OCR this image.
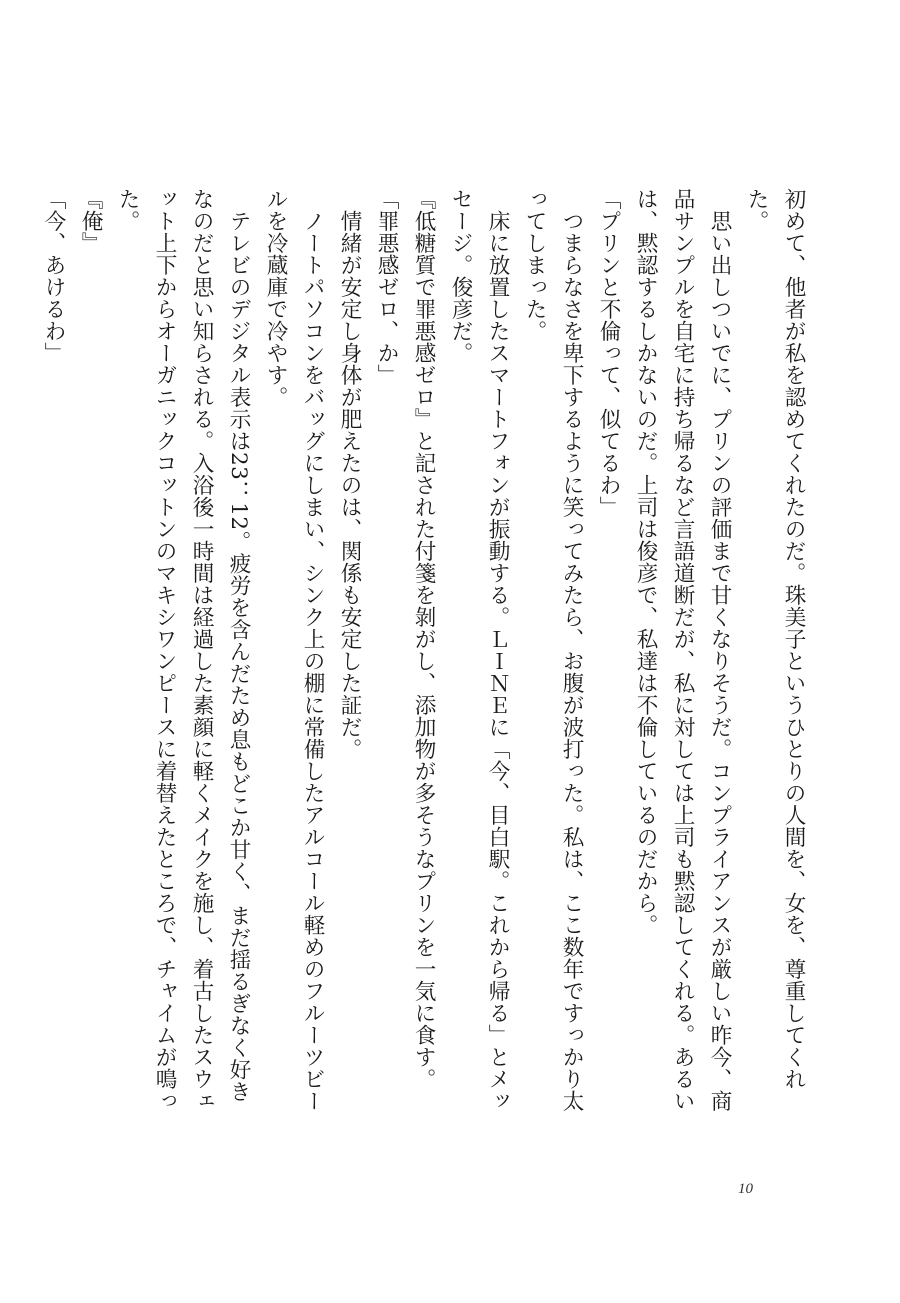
初めて、他者が私を認めてくれたのだ。珠美子というひとりの人間を、女を、尊重してくれた。

思い出しついでに、プリンの評価まで甘くなりそうだ。コンプライアンスが厳しい昨今、商品サンプルを自宅に持ち帰るなど言語道断だが、私に対しては上司も黙認してくれる。あるいは、黙認するしかないのだ。上司は俊彦で、私達は不倫しているのだから。

「プリンと不倫って、似てるわ」

つまらなさを卑下するように笑ってみたら、お腹が波打った。私は、ここ数年ですっかり太ってしまった。

床に放置したスマートフォンが振動する。ＬＩＮＥに「今、目白駅。これから帰る」とメッセージ。俊彦だ。

『低糖質で罪悪感ゼロ』と記された付箋を剝がし、添加物が多そうなプリンを一気に食す。

「罪悪感ゼロ、か」

情緒が安定し身体が肥えたのは、関係も安定した証だ。

ノートパソコンをバッグにしまい、シンク上の棚に常備したアルコール軽めのフルーツビールを冷蔵庫で冷やす。

テレビのデジタル表示は23：12。疲労を含んだため息もどこか甘く、まだ揺るぎなく好きなのだと思い知らされる。入浴後一時間は経過した素顔に軽くメイクを施し、着古したスウェット上下からオーガニックコットンのマキシワンピースに着替えたところで、チャイムが鳴った。

『俺』

「今、あけるわ」

10
